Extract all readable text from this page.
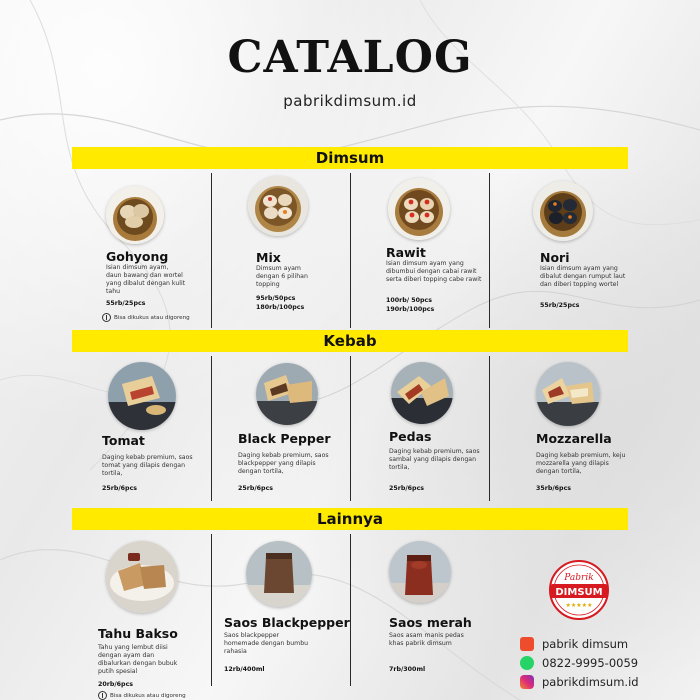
CATALOG
pabrikdimsum.id
Dimsum
Gohyong
Isian dimsum ayam, daun bawang dan wortel yang dibalut dengan kulit tahu
55rb/25pcs
Bisa dikukus atau digoreng
Mix
Dimsum ayam dengan 6 pilihan topping
95rb/50pcs
180rb/100pcs
Rawit
Isian dimsum ayam yang dibumbui dengan cabai rawit serta diberi topping cabe rawit
100rb/ 50pcs
190rb/100pcs
Nori
Isian dimsum ayam yang dibalut dengan rumput laut dan diberi topping wortel
55rb/25pcs
Kebab
Tomat
Daging kebab premium, saos tomat yang dilapis dengan tortila,
25rb/6pcs
Black Pepper
Daging kebab premium, saos blackpepper yang dilapis dengan tortila,
25rb/6pcs
Pedas
Daging kebab premium, saos sambal yang dilapis dengan tortila,
25rb/6pcs
Mozzarella
Daging kebab premium, keju mozzarella yang dilapis dengan tortila,
35rb/6pcs
Lainnya
Tahu Bakso
Tahu yang lembut diisi dengan ayam dan dibalurkan dengan bubuk putih spesial
20rb/6pcs
Bisa dikukus atau digoreng
Saos Blackpepper
Saos blackpepper homemade dengan bumbu rahasia
12rb/400ml
Saos merah
Saos asam manis pedas khas pabrik dimsum
7rb/300ml
Pabrik
DIMSUM
★★★★★
pabrik dimsum
0822-9995-0059
pabrikdimsum.id
